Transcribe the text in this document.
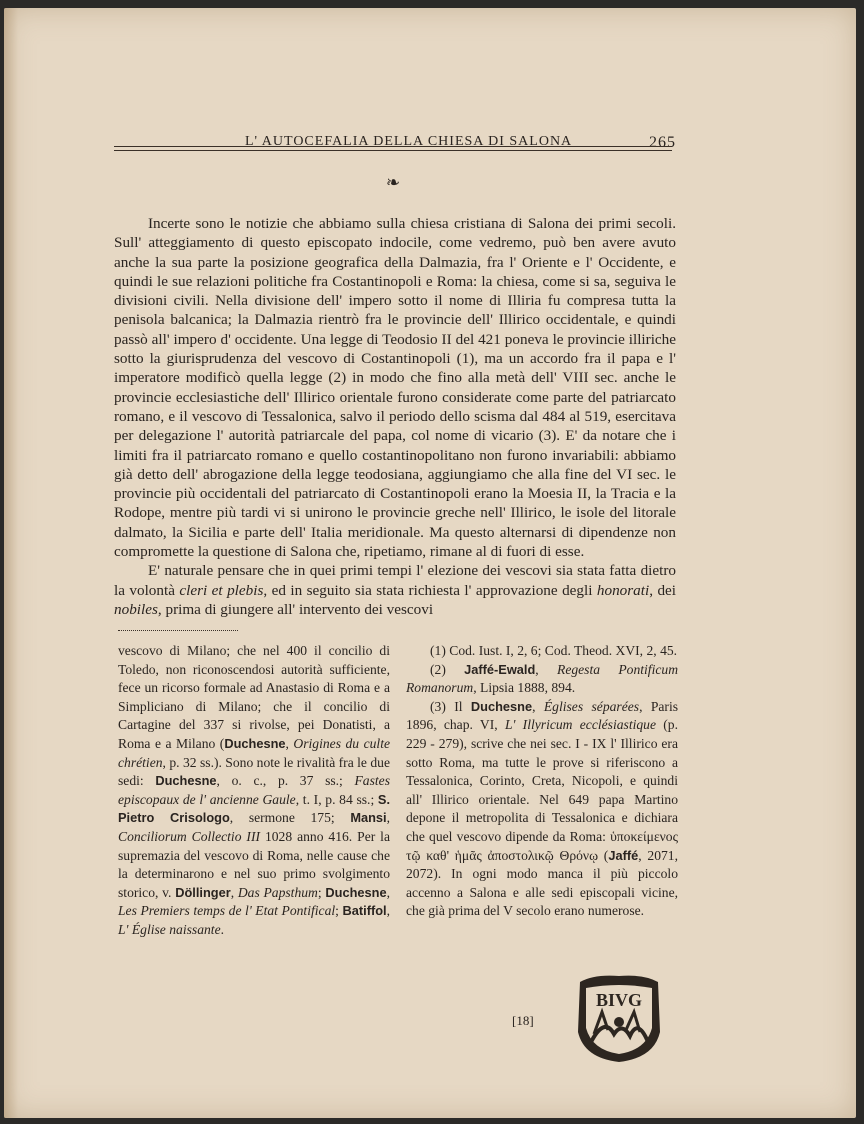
L' AUTOCEFALIA DELLA CHIESA DI SALONA	265
❧

Incerte sono le notizie che abbiamo sulla chiesa cristiana di Salona dei primi secoli. Sull' atteggiamento di questo episcopato indocile, come vedremo, può ben avere avuto anche la sua parte la posizione geografica della Dalmazia, fra l' Oriente e l' Occidente, e quindi le sue relazioni politiche fra Costantinopoli e Roma: la chiesa, come si sa, seguiva le divisioni civili. Nella divisione dell' impero sotto il nome di Illiria fu compresa tutta la penisola balcanica; la Dalmazia rientrò fra le provincie dell' Illirico occidentale, e quindi passò all' impero d' occidente. Una legge di Teodosio II del 421 poneva le provincie illiriche sotto la giurisprudenza del vescovo di Costantinopoli (1), ma un accordo fra il papa e l' imperatore modificò quella legge (2) in modo che fino alla metà dell' VIII sec. anche le provincie ecclesiastiche dell' Illirico orientale furono considerate come parte del patriarcato romano, e il vescovo di Tessalonica, salvo il periodo dello scisma dal 484 al 519, esercitava per delegazione l' autorità patriarcale del papa, col nome di vicario (3). E' da notare che i limiti fra il patriarcato romano e quello costantinopolitano non furono invariabili: abbiamo già detto dell' abrogazione della legge teodosiana, aggiungiamo che alla fine del VI sec. le provincie più occidentali del patriarcato di Costantinopoli erano la Moesia II, la Tracia e la Rodope, mentre più tardi vi si unirono le provincie greche nell' Illirico, le isole del litorale dalmato, la Sicilia e parte dell' Italia meridionale. Ma questo alternarsi di dipendenze non compromette la questione di Salona che, ripetiamo, rimane al di fuori di esse.

E' naturale pensare che in quei primi tempi l' elezione dei vescovi sia stata fatta dietro la volontà cleri et plebis, ed in seguito sia stata richiesta l' approvazione degli honorati, dei nobiles, prima di giungere all' intervento dei vescovi

vescovo di Milano; che nel 400 il concilio di Toledo, non riconoscendosi autorità sufficiente, fece un ricorso formale ad Anastasio di Roma e a Simpliciano di Milano; che il concilio di Cartagine del 337 si rivolse, pei Donatisti, a Roma e a Milano (Duchesne, Origines du culte chrétien, p. 32 ss.). Sono note le rivalità fra le due sedi: Duchesne, o. c., p. 37 ss.; Fastes episcopaux de l' ancienne Gaule, t. I, p. 84 ss.; S. Pietro Crisologo, sermone 175; Mansi, Conciliorum Collectio III 1028 anno 416. Per la supremazia del vescovo di Roma, nelle cause che la determinarono e nel suo primo svolgimento storico, v. Döllinger, Das Papsthum; Duchesne, Les Premiers temps de l' Etat Pontifical; Batiffol, L' Église naissante.

(1) Cod. Iust. I, 2, 6; Cod. Theod. XVI, 2, 45.

(2) Jaffé-Ewald, Regesta Pontificum Romanorum, Lipsia 1888, 894.

(3) Il Duchesne, Églises séparées, Paris 1896, chap. VI, L' Illyricum ecclésiastique (p. 229 - 279), scrive che nei sec. I - IX l' Illirico era sotto Roma, ma tutte le prove si riferiscono a Tessalonica, Corinto, Creta, Nicopoli, e quindi all' Illirico orientale. Nel 649 papa Martino depone il metropolita di Tessalonica e dichiara che quel vescovo dipende da Roma: ὑποκείμενος τῷ καθ' ἡμᾶς ἀποστολικῷ Θρόνῳ (Jaffé, 2071, 2072). In ogni modo manca il più piccolo accenno a Salona e alle sedi episcopali vicine, che già prima del V secolo erano numerose.

[18]
BIVG
